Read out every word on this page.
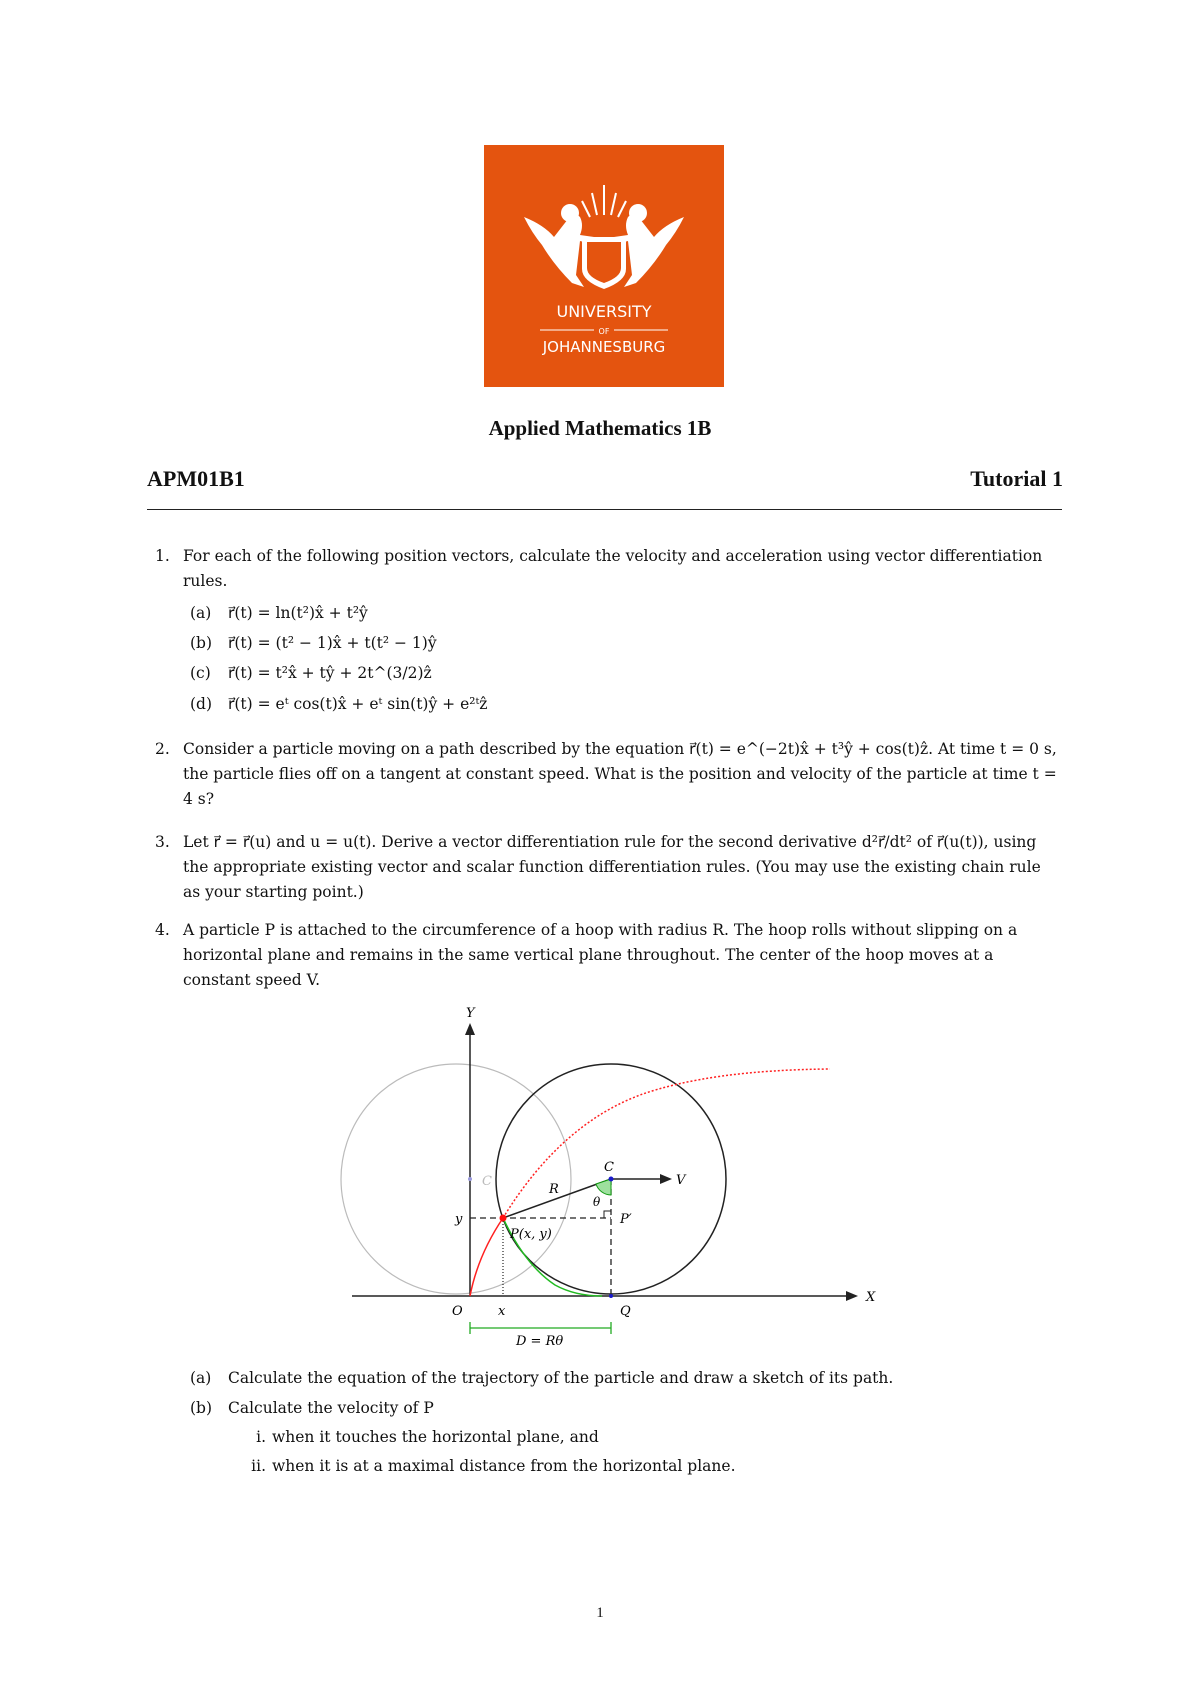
UNIVERSITY
OF
JOHANNESBURG
Applied Mathematics 1B
APM01B1	Tutorial 1
1. For each of the following position vectors, calculate the velocity and acceleration using vector differentiation rules.
(a) r⃗(t) = ln(t²)x̂ + t²ŷ
(b) r⃗(t) = (t² − 1)x̂ + t(t² − 1)ŷ
(c) r⃗(t) = t²x̂ + tŷ + 2t^(3/2)ẑ
(d) r⃗(t) = eᵗ cos(t)x̂ + eᵗ sin(t)ŷ + e²ᵗẑ
2. Consider a particle moving on a path described by the equation r⃗(t) = e^(−2t)x̂ + t³ŷ + cos(t)ẑ. At time t = 0 s, the particle flies off on a tangent at constant speed. What is the position and velocity of the particle at time t = 4 s?
3. Let r⃗ = r⃗(u) and u = u(t). Derive a vector differentiation rule for the second derivative d²r⃗/dt² of r⃗(u(t)), using the appropriate existing vector and scalar function differentiation rules. (You may use the existing chain rule as your starting point.)
4. A particle P is attached to the circumference of a hoop with radius R. The hoop rolls without slipping on a horizontal plane and remains in the same vertical plane throughout. The center of the hoop moves at a constant speed V.
Y
X
O
C
C
V
R
θ
y
x
P(x, y)
P′
Q
D = Rθ
(a) Calculate the equation of the trajectory of the particle and draw a sketch of its path.
(b) Calculate the velocity of P
i. when it touches the horizontal plane, and
ii. when it is at a maximal distance from the horizontal plane.
1
